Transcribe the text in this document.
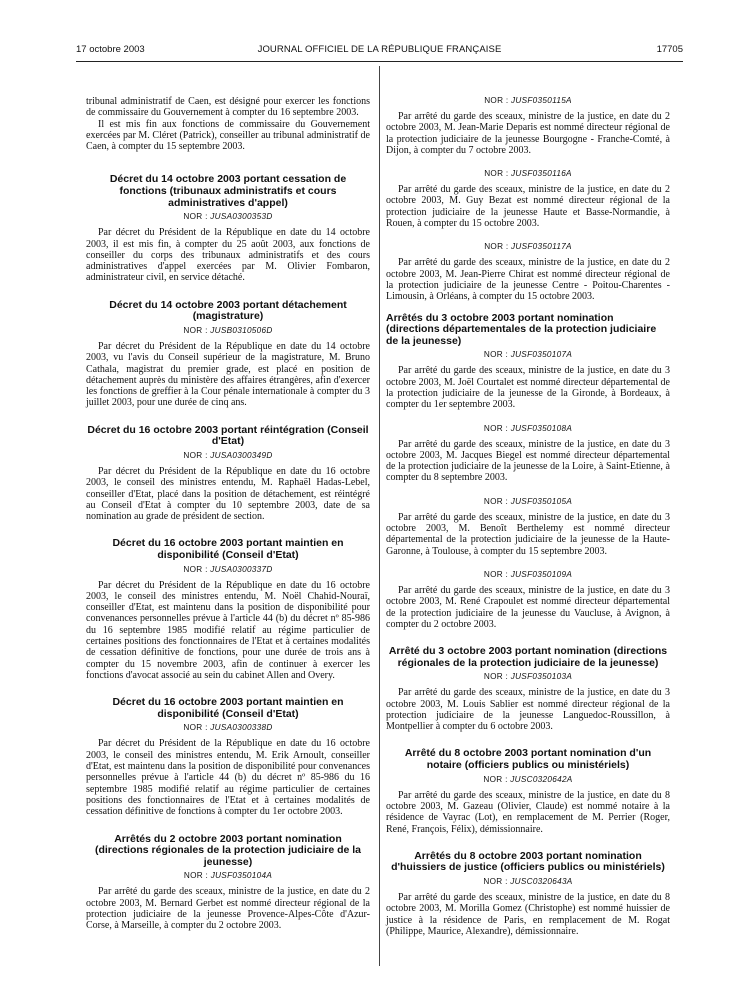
17 octobre 2003	JOURNAL OFFICIEL DE LA RÉPUBLIQUE FRANÇAISE	17705

tribunal administratif de Caen, est désigné pour exercer les fonctions de commissaire du Gouvernement à compter du 16 septembre 2003.

Il est mis fin aux fonctions de commissaire du Gouvernement exercées par M. Cléret (Patrick), conseiller au tribunal administratif de Caen, à compter du 15 septembre 2003.

Décret du 14 octobre 2003 portant cessation de fonctions (tribunaux administratifs et cours administratives d'appel)

NOR : JUSA0300353D

Par décret du Président de la République en date du 14 octobre 2003, il est mis fin, à compter du 25 août 2003, aux fonctions de conseiller du corps des tribunaux administratifs et des cours administratives d'appel exercées par M. Olivier Fombaron, administrateur civil, en service détaché.

Décret du 14 octobre 2003 portant détachement (magistrature)

NOR : JUSB0310506D

Par décret du Président de la République en date du 14 octobre 2003, vu l'avis du Conseil supérieur de la magistrature, M. Bruno Cathala, magistrat du premier grade, est placé en position de détachement auprès du ministère des affaires étrangères, afin d'exercer les fonctions de greffier à la Cour pénale internationale à compter du 3 juillet 2003, pour une durée de cinq ans.

Décret du 16 octobre 2003 portant réintégration (Conseil d'Etat)

NOR : JUSA0300349D

Par décret du Président de la République en date du 16 octobre 2003, le conseil des ministres entendu, M. Raphaël Hadas-Lebel, conseiller d'Etat, placé dans la position de détachement, est réintégré au Conseil d'Etat à compter du 10 septembre 2003, date de sa nomination au grade de président de section.

Décret du 16 octobre 2003 portant maintien en disponibilité (Conseil d'Etat)

NOR : JUSA0300337D

Par décret du Président de la République en date du 16 octobre 2003, le conseil des ministres entendu, M. Noël Chahid-Nouraï, conseiller d'Etat, est maintenu dans la position de disponibilité pour convenances personnelles prévue à l'article 44 (b) du décret nº 85-986 du 16 septembre 1985 modifié relatif au régime particulier de certaines positions des fonctionnaires de l'Etat et à certaines modalités de cessation définitive de fonctions, pour une durée de trois ans à compter du 15 novembre 2003, afin de continuer à exercer les fonctions d'avocat associé au sein du cabinet Allen and Overy.

Décret du 16 octobre 2003 portant maintien en disponibilité (Conseil d'Etat)

NOR : JUSA0300338D

Par décret du Président de la République en date du 16 octobre 2003, le conseil des ministres entendu, M. Erik Arnoult, conseiller d'Etat, est maintenu dans la position de disponibilité pour convenances personnelles prévue à l'article 44 (b) du décret nº 85-986 du 16 septembre 1985 modifié relatif au régime particulier de certaines positions des fonctionnaires de l'Etat et à certaines modalités de cessation définitive de fonctions à compter du 1er octobre 2003.

Arrêtés du 2 octobre 2003 portant nomination (directions régionales de la protection judiciaire de la jeunesse)

NOR : JUSF0350104A

Par arrêté du garde des sceaux, ministre de la justice, en date du 2 octobre 2003, M. Bernard Gerbet est nommé directeur régional de la protection judiciaire de la jeunesse Provence-Alpes-Côte d'Azur-Corse, à Marseille, à compter du 2 octobre 2003.

NOR : JUSF0350115A

Par arrêté du garde des sceaux, ministre de la justice, en date du 2 octobre 2003, M. Jean-Marie Deparis est nommé directeur régional de la protection judiciaire de la jeunesse Bourgogne - Franche-Comté, à Dijon, à compter du 7 octobre 2003.

NOR : JUSF0350116A

Par arrêté du garde des sceaux, ministre de la justice, en date du 2 octobre 2003, M. Guy Bezat est nommé directeur régional de la protection judiciaire de la jeunesse Haute et Basse-Normandie, à Rouen, à compter du 15 octobre 2003.

NOR : JUSF0350117A

Par arrêté du garde des sceaux, ministre de la justice, en date du 2 octobre 2003, M. Jean-Pierre Chirat est nommé directeur régional de la protection judiciaire de la jeunesse Centre - Poitou-Charentes - Limousin, à Orléans, à compter du 15 octobre 2003.

Arrêtés du 3 octobre 2003 portant nomination (directions départementales de la protection judiciaire de la jeunesse)

NOR : JUSF0350107A

Par arrêté du garde des sceaux, ministre de la justice, en date du 3 octobre 2003, M. Joël Courtalet est nommé directeur départemental de la protection judiciaire de la jeunesse de la Gironde, à Bordeaux, à compter du 1er septembre 2003.

NOR : JUSF0350108A

Par arrêté du garde des sceaux, ministre de la justice, en date du 3 octobre 2003, M. Jacques Biegel est nommé directeur départemental de la protection judiciaire de la jeunesse de la Loire, à Saint-Etienne, à compter du 8 septembre 2003.

NOR : JUSF0350105A

Par arrêté du garde des sceaux, ministre de la justice, en date du 3 octobre 2003, M. Benoît Berthelemy est nommé directeur départemental de la protection judiciaire de la jeunesse de la Haute-Garonne, à Toulouse, à compter du 15 septembre 2003.

NOR : JUSF0350109A

Par arrêté du garde des sceaux, ministre de la justice, en date du 3 octobre 2003, M. René Crapoulet est nommé directeur départemental de la protection judiciaire de la jeunesse du Vaucluse, à Avignon, à compter du 2 octobre 2003.

Arrêté du 3 octobre 2003 portant nomination (directions régionales de la protection judiciaire de la jeunesse)

NOR : JUSF0350103A

Par arrêté du garde des sceaux, ministre de la justice, en date du 3 octobre 2003, M. Louis Sablier est nommé directeur régional de la protection judiciaire de la jeunesse Languedoc-Roussillon, à Montpellier à compter du 6 octobre 2003.

Arrêté du 8 octobre 2003 portant nomination d'un notaire (officiers publics ou ministériels)

NOR : JUSC0320642A

Par arrêté du garde des sceaux, ministre de la justice, en date du 8 octobre 2003, M. Gazeau (Olivier, Claude) est nommé notaire à la résidence de Vayrac (Lot), en remplacement de M. Perrier (Roger, René, François, Félix), démissionnaire.

Arrêtés du 8 octobre 2003 portant nomination d'huissiers de justice (officiers publics ou ministériels)

NOR : JUSC0320643A

Par arrêté du garde des sceaux, ministre de la justice, en date du 8 octobre 2003, M. Morilla Gomez (Christophe) est nommé huissier de justice à la résidence de Paris, en remplacement de M. Rogat (Philippe, Maurice, Alexandre), démissionnaire.
